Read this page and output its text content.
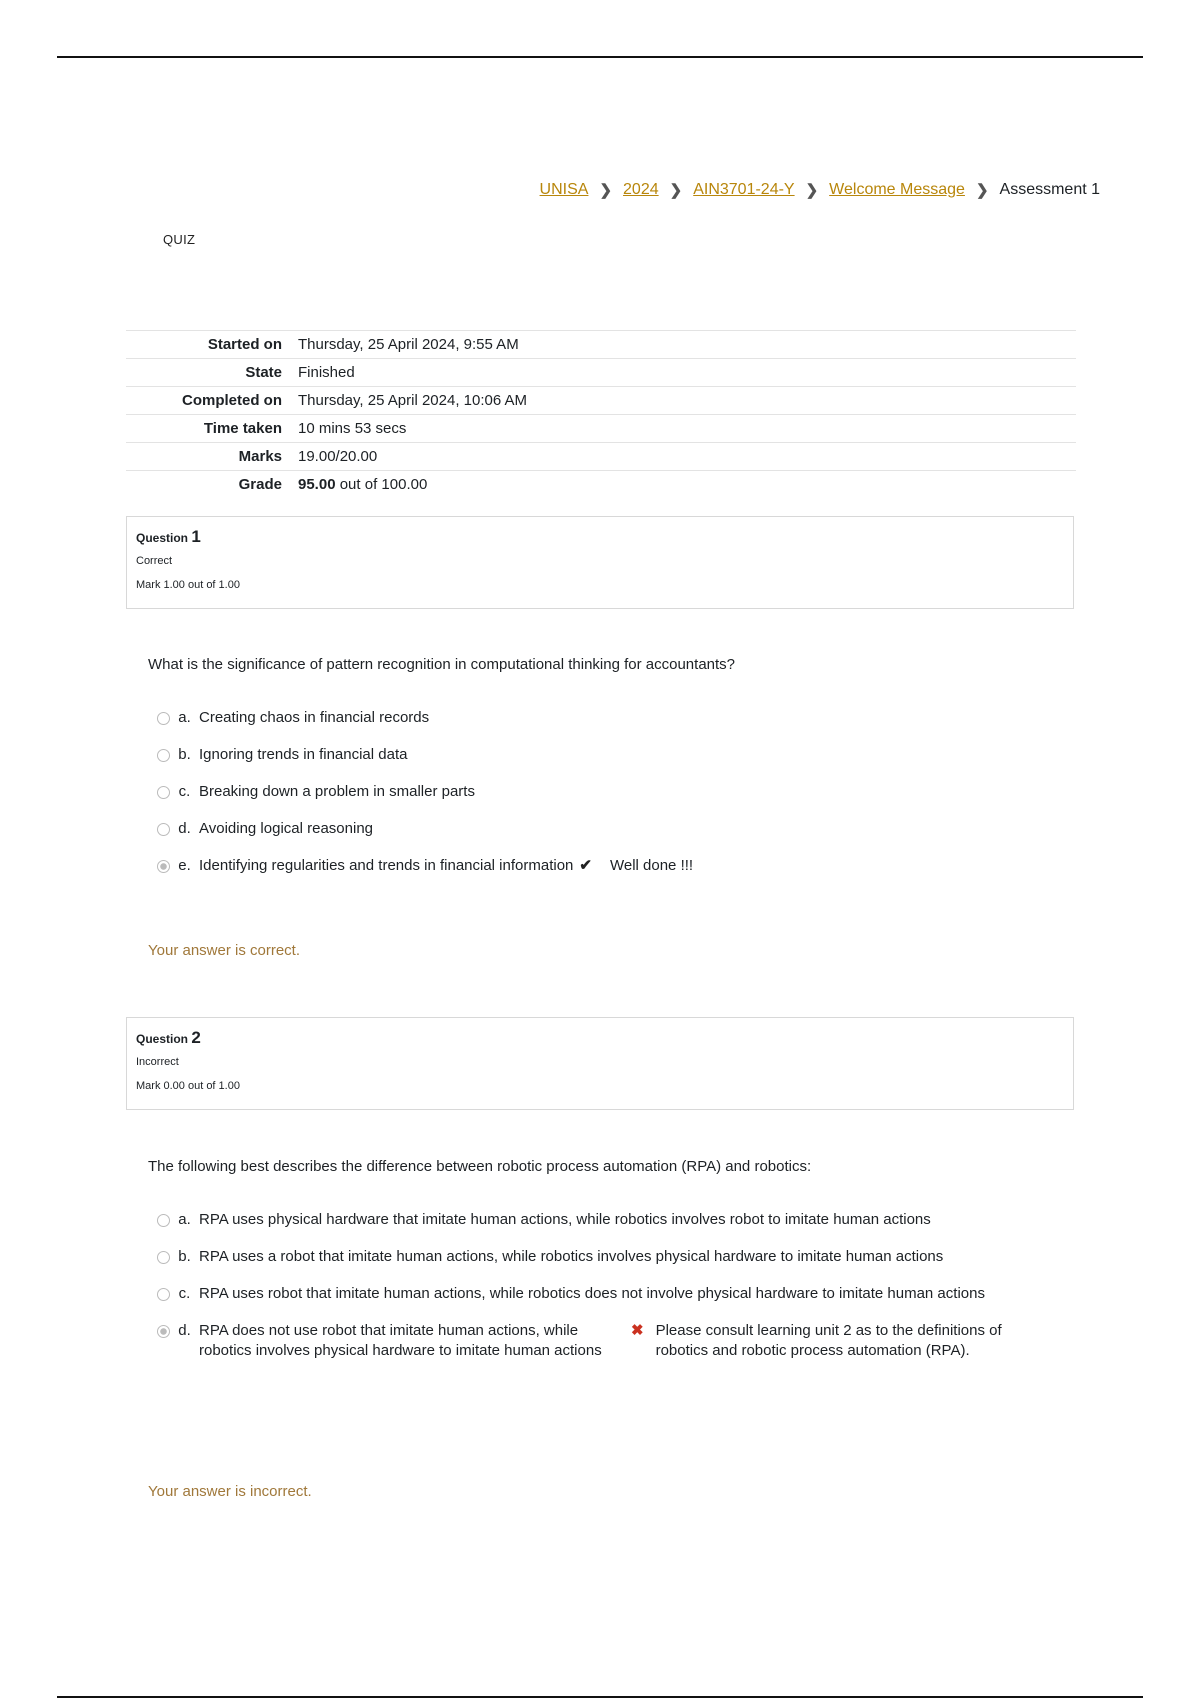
UNISA ❯ 2024 ❯ AIN3701-24-Y ❯ Welcome Message ❯ Assessment 1
QUIZ
Started on	Thursday, 25 April 2024, 9:55 AM
State	Finished
Completed on	Thursday, 25 April 2024, 10:06 AM
Time taken	10 mins 53 secs
Marks	19.00/20.00
Grade	95.00 out of 100.00
Question 1
Correct
Mark 1.00 out of 1.00
What is the significance of pattern recognition in computational thinking for accountants?
a. Creating chaos in financial records
b. Ignoring trends in financial data
c. Breaking down a problem in smaller parts
d. Avoiding logical reasoning
e. Identifying regularities and trends in financial information ✔ Well done !!!
Your answer is correct.
Question 2
Incorrect
Mark 0.00 out of 1.00
The following best describes the difference between robotic process automation (RPA) and robotics:
a. RPA uses physical hardware that imitate human actions, while robotics involves robot to imitate human actions
b. RPA uses a robot that imitate human actions, while robotics involves physical hardware to imitate human actions
c. RPA uses robot that imitate human actions, while robotics does not involve physical hardware to imitate human actions
d. RPA does not use robot that imitate human actions, while robotics involves physical hardware to imitate human actions
✖ Please consult learning unit 2 as to the definitions of robotics and robotic process automation (RPA).
Your answer is incorrect.
